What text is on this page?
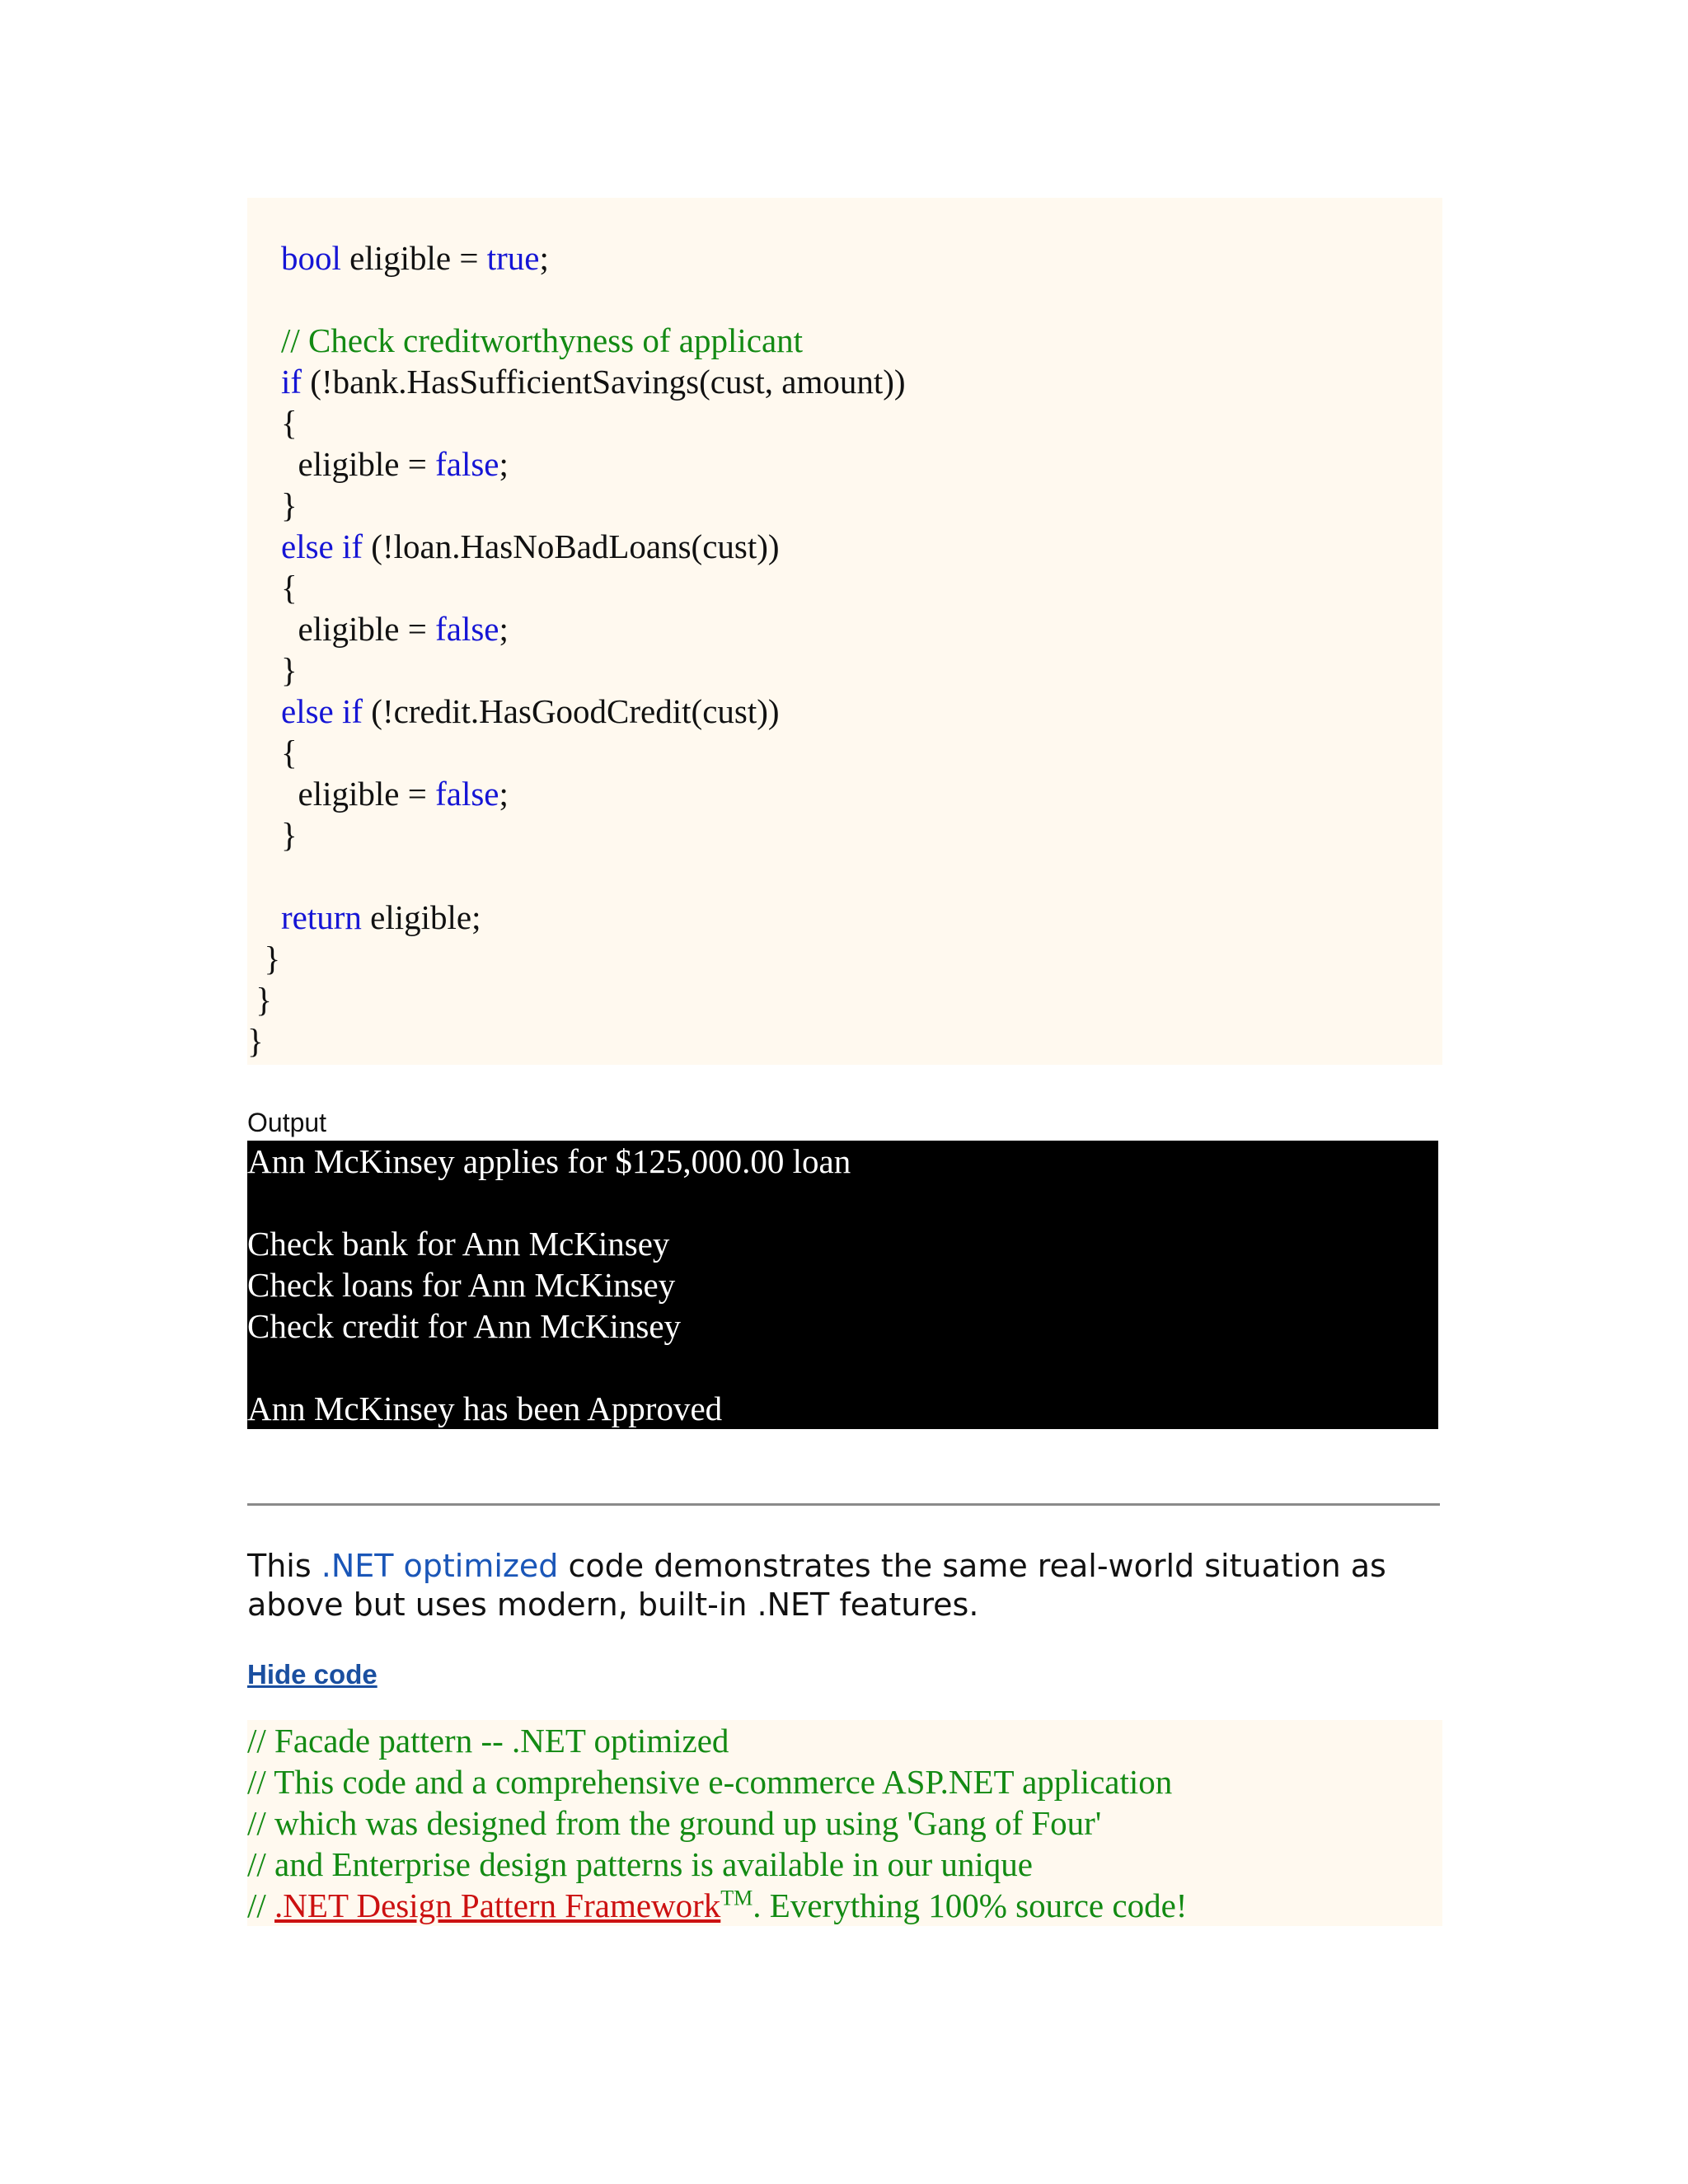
bool eligible = true;
// Check creditworthyness of applicant
if (!bank.HasSufficientSavings(cust, amount))
{
eligible = false;
}
else if (!loan.HasNoBadLoans(cust))
{
eligible = false;
}
else if (!credit.HasGoodCredit(cust))
{
eligible = false;
}
return eligible;
}
}
}
Output
Ann McKinsey applies for $125,000.00 loan
Check bank for Ann McKinsey
Check loans for Ann McKinsey
Check credit for Ann McKinsey
Ann McKinsey has been Approved
This .NET optimized code demonstrates the same real-world situation as above but uses modern, built-in .NET features.
Hide code
// Facade pattern -- .NET optimized
// This code and a comprehensive e-commerce ASP.NET application
// which was designed from the ground up using 'Gang of Four'
// and Enterprise design patterns is available in our unique
// .NET Design Pattern Framework™. Everything 100% source code!
